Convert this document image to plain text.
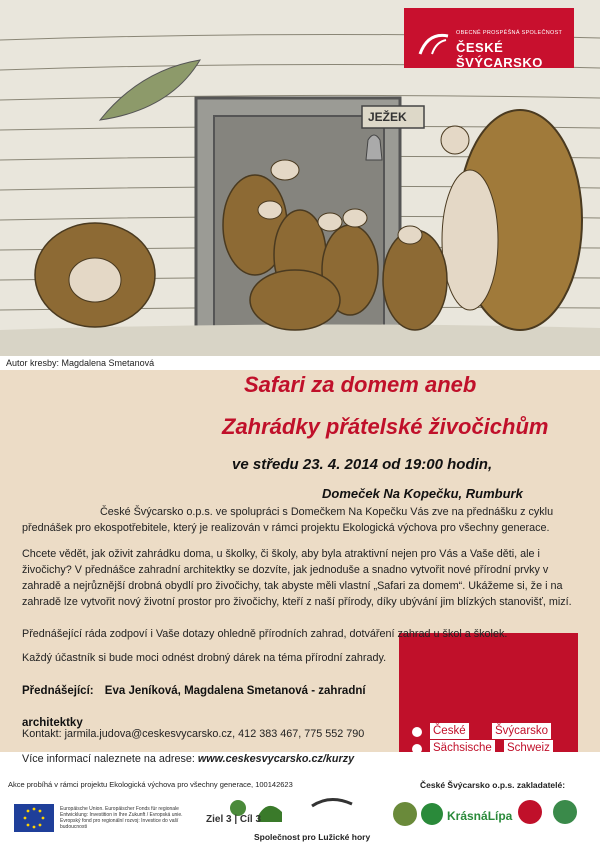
JEŽEK
OBECNĚ PROSPĚŠNÁ SPOLEČNOST
ČESKÉ ŠVÝCARSKO
Autor kresby: Magdalena Smetanová
Safari za domem aneb
Zahrádky přátelské živočichům
ve středu 23. 4. 2014 od 19:00 hodin,
Domeček Na Kopečku, Rumburk

České Švýcarsko o.p.s. ve spolupráci s Domečkem Na Kopečku Vás zve na přednášku z cyklu přednášek pro ekospotřebitele, který je realizován v rámci projektu Ekologická výchova pro všechny generace.

Chcete vědět, jak oživit zahrádku doma, u školky, či školy, aby byla atraktivní nejen pro Vás a Vaše děti, ale i živočichy? V přednášce zahradní architektky se dozvíte, jak jednoduše a snadno vytvořit nové přírodní prvky v zahradě a nejrůznější drobná obydlí pro živočichy, tak abyste měli vlastní „Safari za domem“. Ukážeme si, že i na zahradě lze vytvořit nový životní prostor pro živočichy, kteří z naší přírody, díky ubývání jim blízkých stanovišť, mizí.

Přednášející ráda zodpoví i Vaše dotazy ohledně přírodních zahrad, dotváření zahrad u škol a školek.

Každý účastník si bude moci odnést drobný dárek na téma přírodní zahrady.

Přednášející: Eva Jeníková, Magdalena Smetanová - zahradní architektky
Kontakt: jarmila.judova@ceskesvycarsko.cz, 412 383 467, 775 552 790
Více informací naleznete na adrese: www.ceskesvycarsko.cz/kurzy
České	Švýcarsko
Sächsische Schweiz
Akce probíhá v rámci projektu Ekologická výchova pro všechny generace, 100142623	České Švýcarsko o.p.s. zakladatelé:
Europäische Union. Europäischer Fonds für regionale Entwicklung: Investition in Ihre Zukunft / Evropská unie. Evropský fond pro regionální rozvoj: Investice do vaší budoucnosti
Ziel 3 | Cíl 3
Společnost pro Lužické hory
KrásnáLípa
